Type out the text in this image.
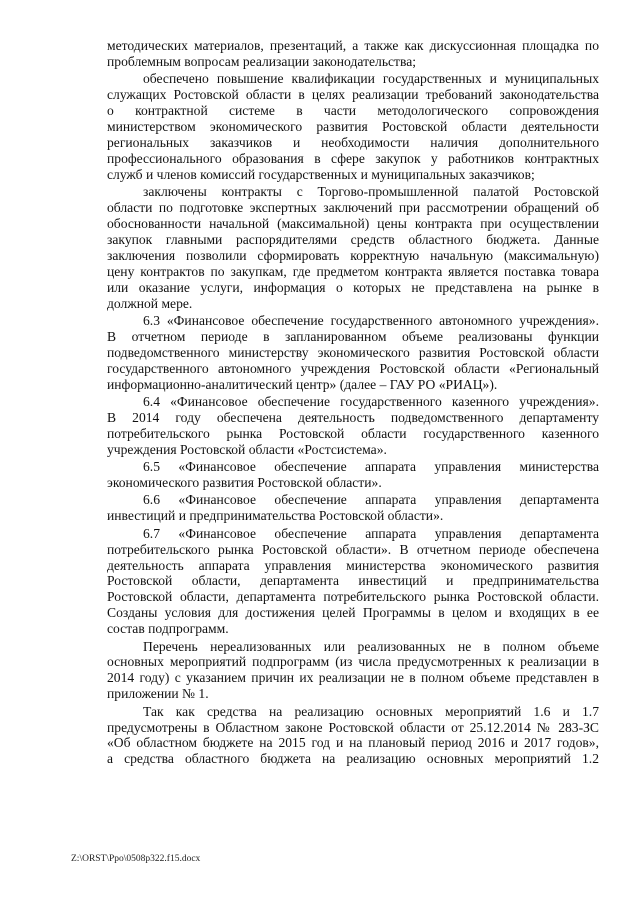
методических материалов, презентаций, а также как дискуссионная площадка по
проблемным вопросам реализации законодательства;
обеспечено повышение квалификации государственных и муниципальных
служащих Ростовской области в целях реализации требований законодательства
о контрактной системе в части методологического сопровождения
министерством экономического развития Ростовской области деятельности
региональных заказчиков и необходимости наличия дополнительного
профессионального образования в сфере закупок у работников контрактных
служб и членов комиссий государственных и муниципальных заказчиков;
заключены контракты с Торгово-промышленной палатой Ростовской
области по подготовке экспертных заключений при рассмотрении обращений об
обоснованности начальной (максимальной) цены контракта при осуществлении
закупок главными распорядителями средств областного бюджета. Данные
заключения позволили сформировать корректную начальную (максимальную)
цену контрактов по закупкам, где предметом контракта является поставка товара
или оказание услуги, информация о которых не представлена на рынке в
должной мере.
6.3 «Финансовое обеспечение государственного автономного учреждения».
В отчетном периоде в запланированном объеме реализованы функции
подведомственного министерству экономического развития Ростовской области
государственного автономного учреждения Ростовской области «Региональный
информационно-аналитический центр» (далее – ГАУ РО «РИАЦ»).
6.4 «Финансовое обеспечение государственного казенного учреждения».
В 2014 году обеспечена деятельность подведомственного департаменту
потребительского рынка Ростовской области государственного казенного
учреждения Ростовской области «Ростсистема».
6.5 «Финансовое обеспечение аппарата управления министерства
экономического развития Ростовской области».
6.6 «Финансовое обеспечение аппарата управления департамента
инвестиций и предпринимательства Ростовской области».
6.7 «Финансовое обеспечение аппарата управления департамента
потребительского рынка Ростовской области». В отчетном периоде обеспечена
деятельность аппарата управления министерства экономического развития
Ростовской области, департамента инвестиций и предпринимательства
Ростовской области, департамента потребительского рынка Ростовской области.
Созданы условия для достижения целей Программы в целом и входящих в ее
состав подпрограмм.
Перечень нереализованных или реализованных не в полном объеме
основных мероприятий подпрограмм (из числа предусмотренных к реализации в
2014 году) с указанием причин их реализации не в полном объеме представлен в
приложении № 1.
Так как средства на реализацию основных мероприятий 1.6 и 1.7
предусмотрены в Областном законе Ростовской области от 25.12.2014 № 283-ЗС
«Об областном бюджете на 2015 год и на плановый период 2016 и 2017 годов»,
а средства областного бюджета на реализацию основных мероприятий 1.2
Z:\ORST\Ppo\0508p322.f15.docx
